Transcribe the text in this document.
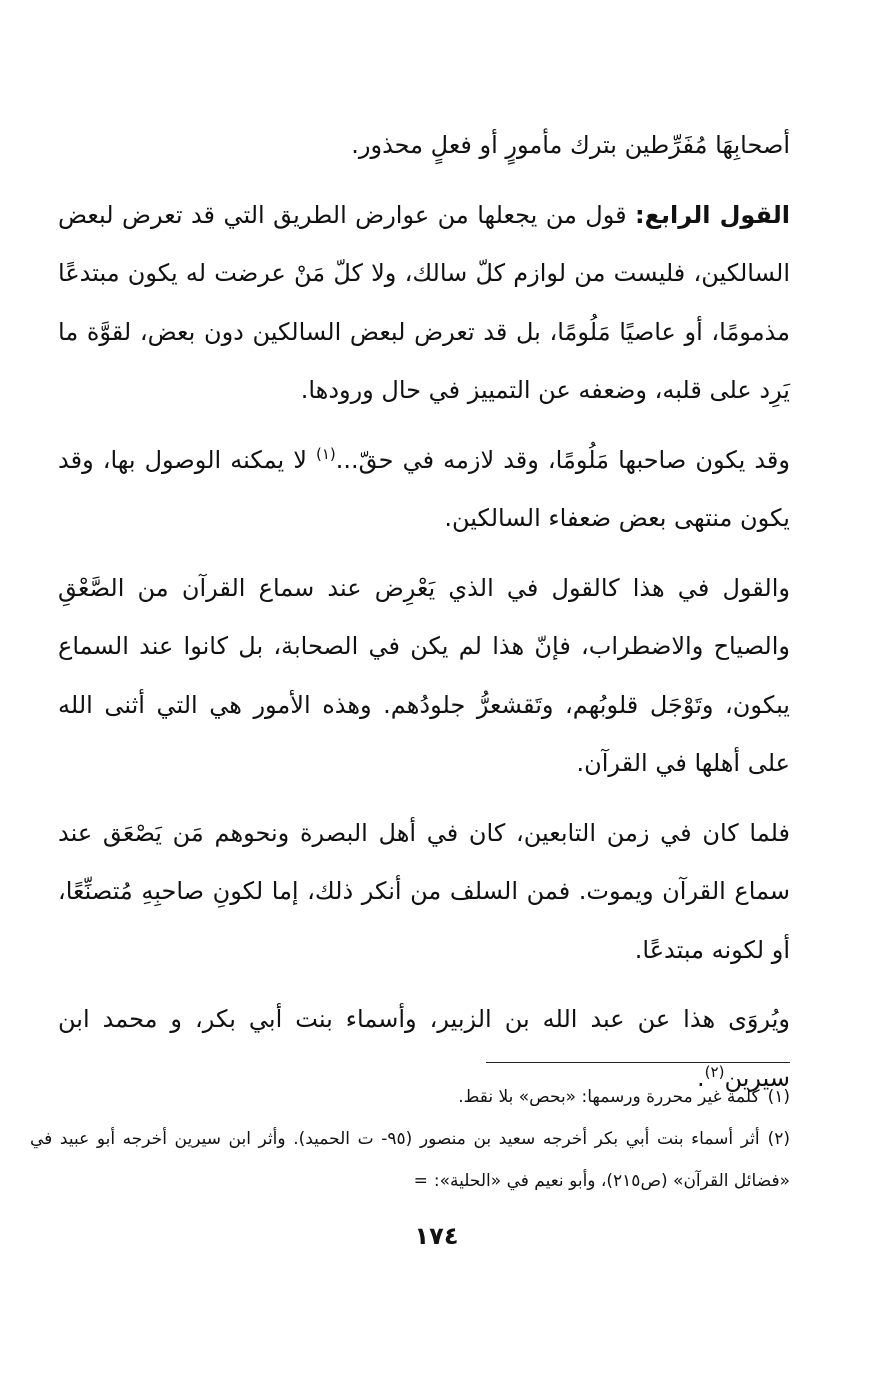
أصحابِهَا مُفَرِّطين بترك مأمورٍ أو فعلٍ محذور.

القول الرابع: قول من يجعلها من عوارض الطريق التي قد تعرض لبعض السالكين، فليست من لوازم كلّ سالك، ولا كلّ مَنْ عرضت له يكون مبتدعًا مذمومًا، أو عاصيًا مَلُومًا، بل قد تعرض لبعض السالكين دون بعض، لقوَّة ما يَرِد على قلبه، وضعفه عن التمييز في حال ورودها.

وقد يكون صاحبها مَلُومًا، وقد لازمه في حقّ...$^{(١)}$ لا يمكنه الوصول بها، وقد يكون منتهى بعض ضعفاء السالكين.

والقول في هذا كالقول في الذي يَعْرِض عند سماع القرآن من الصَّعْقِ والصياح والاضطراب، فإنّ هذا لم يكن في الصحابة، بل كانوا عند السماع يبكون، وتَوْجَل قلوبُهم، وتَقشعرُّ جلودُهم. وهذه الأمور هي التي أثنى الله على أهلها في القرآن.

فلما كان في زمن التابعين، كان في أهل البصرة ونحوهم مَن يَصْعَق عند سماع القرآن ويموت. فمن السلف من أنكر ذلك، إما لكونِ صاحبِهِ مُتصنِّعًا، أو لكونه مبتدعًا.

ويُروَى هذا عن عبد الله بن الزبير، وأسماء بنت أبي بكر، و محمد ابن سيرين$^{(٢)}$.

(١)كلمة غير محررة ورسمها: «بحص» بلا نقط.

(٢)أثر أسماء بنت أبي بكر أخرجه سعيد بن منصور (٩٥- ت الحميد). وأثر ابن سيرين أخرجه أبو عبيد في «فضائل القرآن» (ص٢١٥)، وأبو نعيم في «الحلية»:=

١٧٤
